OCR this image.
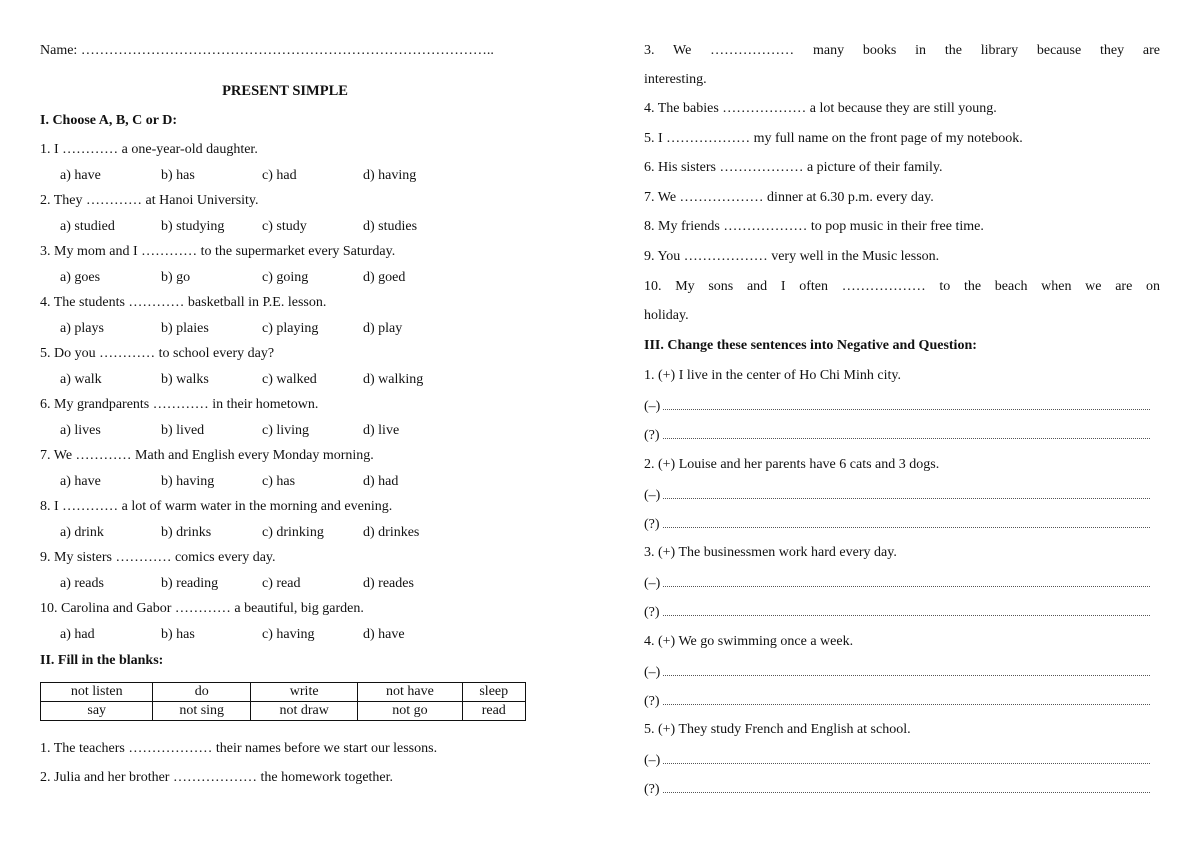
Name: ……………………………………………………………………………..
PRESENT SIMPLE
I. Choose A, B, C or D:
1. I ………… a one-year-old daughter.
a) have	b) has	c) had	d) having
2. They ………… at Hanoi University.
a) studied	b) studying	c) study	d) studies
3. My mom and I ………… to the supermarket every Saturday.
a) goes	b) go	c) going	d) goed
4. The students ………… basketball in P.E. lesson.
a) plays	b) plaies	c) playing	d) play
5. Do you ………… to school every day?
a) walk	b) walks	c) walked	d) walking
6. My grandparents ………… in their hometown.
a) lives	b) lived	c) living	d) live
7. We ………… Math and English every Monday morning.
a) have	b) having	c) has	d) had
8. I ………… a lot of warm water in the morning and evening.
a) drink	b) drinks	c) drinking	d) drinkes
9. My sisters ………… comics every day.
a) reads	b) reading	c) read	d) reades
10. Carolina and Gabor ………… a beautiful, big garden.
a) had	b) has	c) having	d) have
II. Fill in the blanks:
not listen	do	write	not have	sleep
say	not sing	not draw	not go	read
1. The teachers ……………… their names before we start our lessons.
2. Julia and her brother ……………… the homework together.
3. We ……………… many books in the library because they are
interesting.
4. The babies ……………… a lot because they are still young.
5. I ……………… my full name on the front page of my notebook.
6. His sisters ……………… a picture of their family.
7. We ……………… dinner at 6.30 p.m. every day.
8. My friends ……………… to pop music in their free time.
9. You ……………… very well in the Music lesson.
10. My sons and I often ……………… to the beach when we are on
holiday.
III. Change these sentences into Negative and Question:
1. (+) I live in the center of Ho Chi Minh city.
(–)
(?)
2. (+) Louise and her parents have 6 cats and 3 dogs.
(–)
(?)
3. (+) The businessmen work hard every day.
(–)
(?)
4. (+) We go swimming once a week.
(–)
(?)
5. (+) They study French and English at school.
(–)
(?)
